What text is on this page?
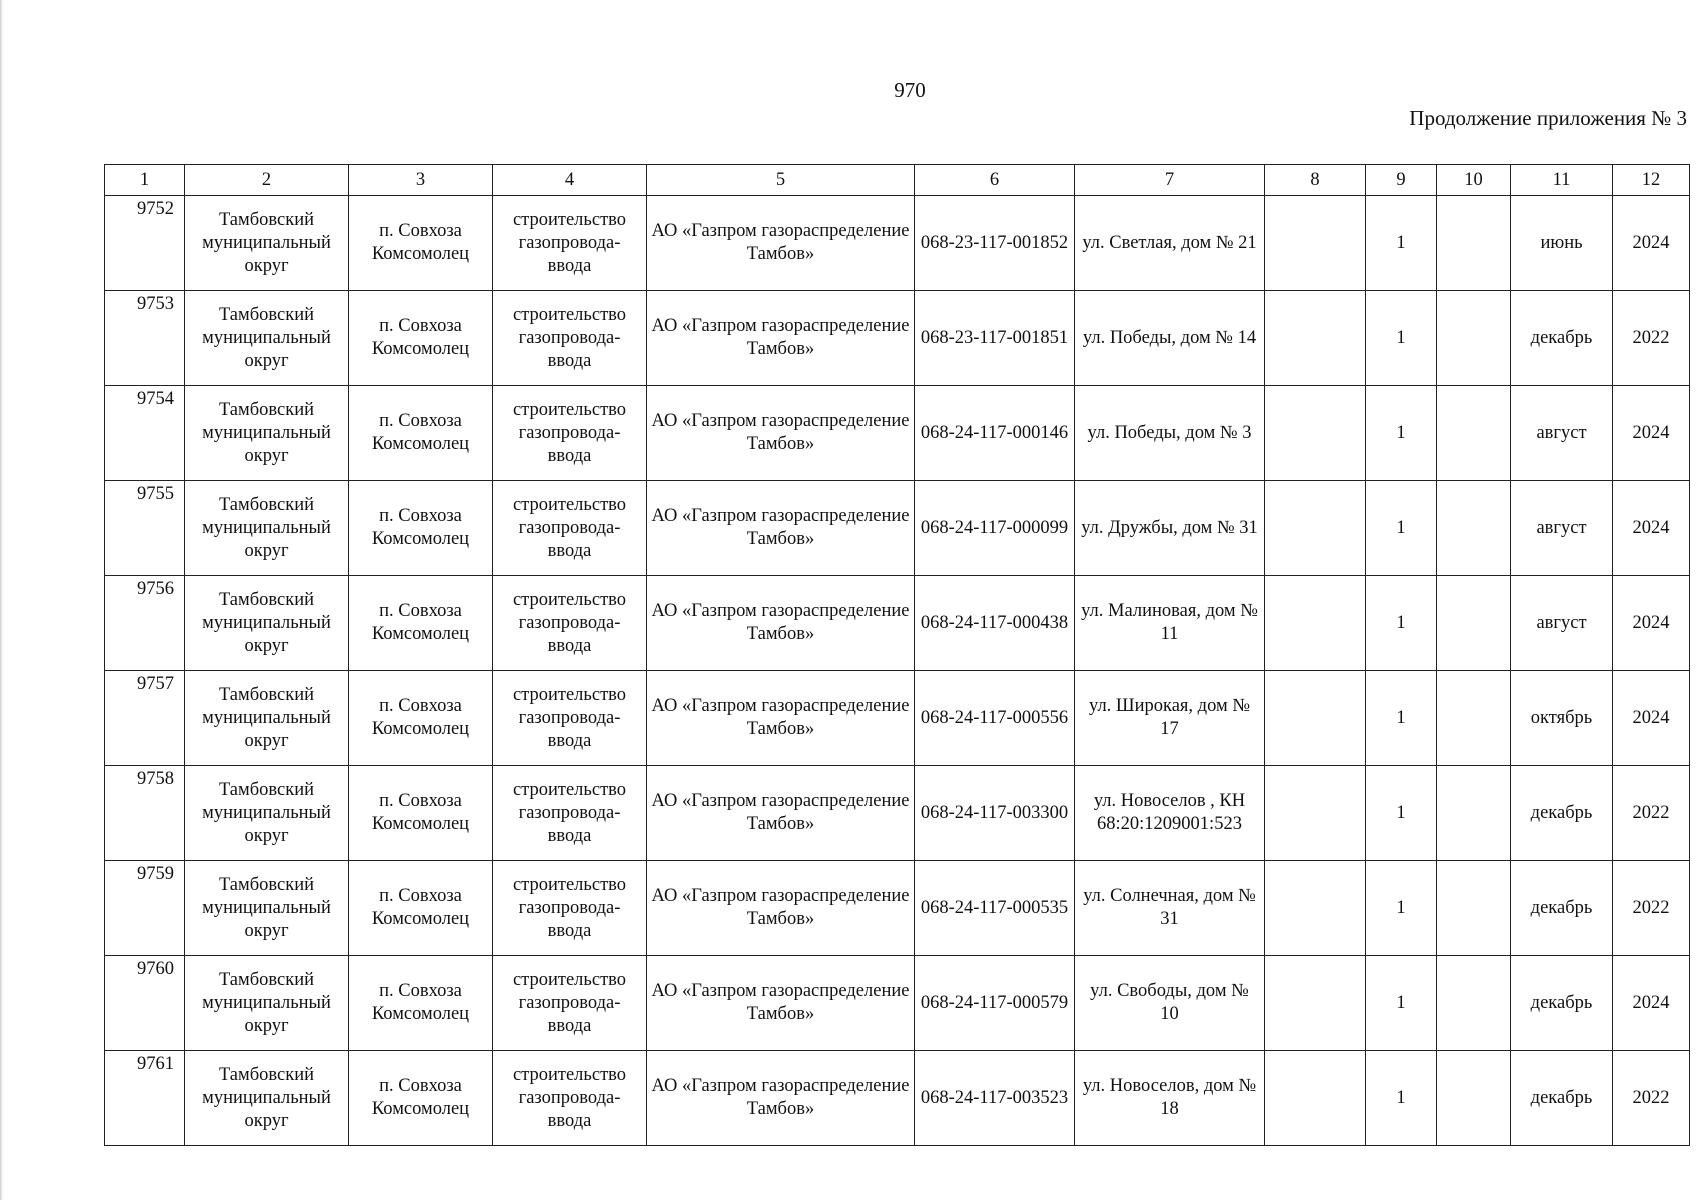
970
Продолжение приложения № 3
1	2	3	4	5	6	7	8	9	10	11	12
9752	Тамбовский муниципальный округ	п. Совхоза Комсомолец	строительство газопровода-ввода	АО «Газпром газораспределение Тамбов»	068-23-117-001852	ул. Светлая, дом № 21		1		июнь	2024
9753	Тамбовский муниципальный округ	п. Совхоза Комсомолец	строительство газопровода-ввода	АО «Газпром газораспределение Тамбов»	068-23-117-001851	ул. Победы, дом № 14		1		декабрь	2022
9754	Тамбовский муниципальный округ	п. Совхоза Комсомолец	строительство газопровода-ввода	АО «Газпром газораспределение Тамбов»	068-24-117-000146	ул. Победы, дом № 3		1		август	2024
9755	Тамбовский муниципальный округ	п. Совхоза Комсомолец	строительство газопровода-ввода	АО «Газпром газораспределение Тамбов»	068-24-117-000099	ул. Дружбы, дом № 31		1		август	2024
9756	Тамбовский муниципальный округ	п. Совхоза Комсомолец	строительство газопровода-ввода	АО «Газпром газораспределение Тамбов»	068-24-117-000438	ул. Малиновая, дом № 11		1		август	2024
9757	Тамбовский муниципальный округ	п. Совхоза Комсомолец	строительство газопровода-ввода	АО «Газпром газораспределение Тамбов»	068-24-117-000556	ул. Широкая, дом № 17		1		октябрь	2024
9758	Тамбовский муниципальный округ	п. Совхоза Комсомолец	строительство газопровода-ввода	АО «Газпром газораспределение Тамбов»	068-24-117-003300	ул. Новоселов , КН 68:20:1209001:523		1		декабрь	2022
9759	Тамбовский муниципальный округ	п. Совхоза Комсомолец	строительство газопровода-ввода	АО «Газпром газораспределение Тамбов»	068-24-117-000535	ул. Солнечная, дом № 31		1		декабрь	2022
9760	Тамбовский муниципальный округ	п. Совхоза Комсомолец	строительство газопровода-ввода	АО «Газпром газораспределение Тамбов»	068-24-117-000579	ул. Свободы, дом № 10		1		декабрь	2024
9761	Тамбовский муниципальный округ	п. Совхоза Комсомолец	строительство газопровода-ввода	АО «Газпром газораспределение Тамбов»	068-24-117-003523	ул. Новоселов, дом № 18		1		декабрь	2022
